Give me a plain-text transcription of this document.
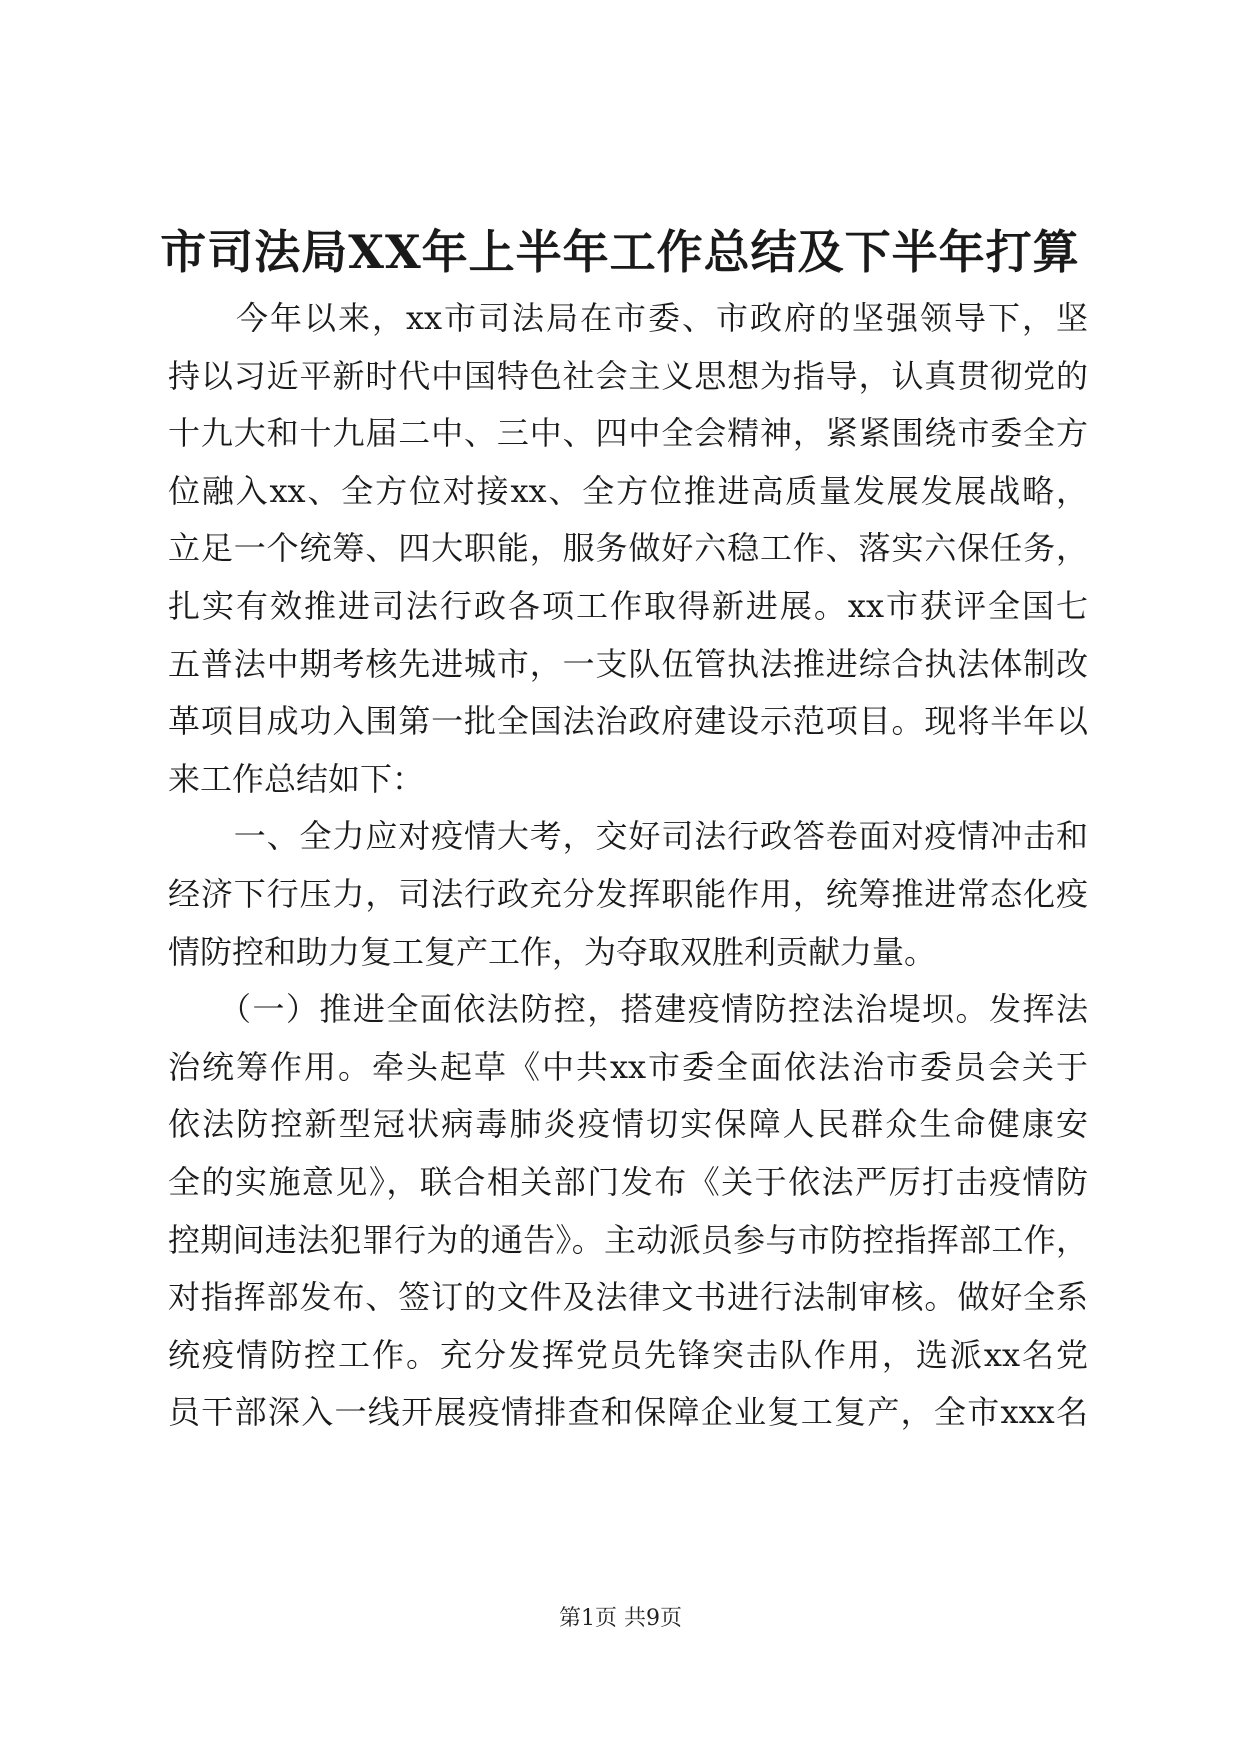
市司法局XX年上半年工作总结及下半年打算
　　今年以来，xx市司法局在市委、市政府的坚强领导下，坚
持以习近平新时代中国特色社会主义思想为指导，认真贯彻党的
十九大和十九届二中、三中、四中全会精神，紧紧围绕市委全方
位融入xx、全方位对接xx、全方位推进高质量发展发展战略，
立足一个统筹、四大职能，服务做好六稳工作、落实六保任务，
扎实有效推进司法行政各项工作取得新进展。xx市获评全国七
五普法中期考核先进城市，一支队伍管执法推进综合执法体制改
革项目成功入围第一批全国法治政府建设示范项目。现将半年以
来工作总结如下：
　　一、全力应对疫情大考，交好司法行政答卷面对疫情冲击和
经济下行压力，司法行政充分发挥职能作用，统筹推进常态化疫
情防控和助力复工复产工作，为夺取双胜利贡献力量。
　　（一）推进全面依法防控，搭建疫情防控法治堤坝。发挥法
治统筹作用。牵头起草《中共xx市委全面依法治市委员会关于
依法防控新型冠状病毒肺炎疫情切实保障人民群众生命健康安
全的实施意见》，联合相关部门发布《关于依法严厉打击疫情防
控期间违法犯罪行为的通告》。主动派员参与市防控指挥部工作，
对指挥部发布、签订的文件及法律文书进行法制审核。做好全系
统疫情防控工作。充分发挥党员先锋突击队作用，选派xx名党
员干部深入一线开展疫情排查和保障企业复工复产，全市xxx名
第1页 共9页
